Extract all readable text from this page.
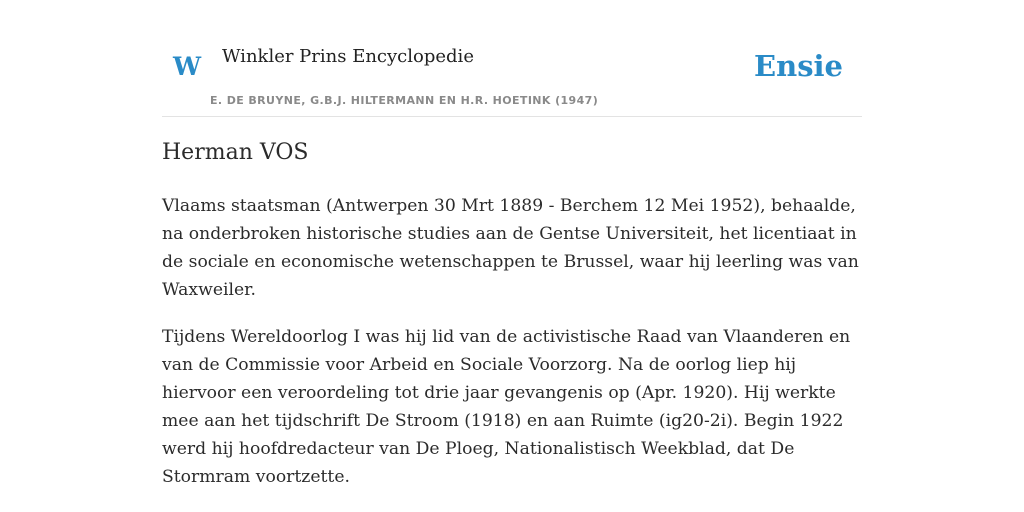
W Winkler Prins Encyclopedie
E. DE BRUYNE, G.B.J. HILTERMANN EN H.R. HOETINK (1947)
Ensie
Herman VOS

Vlaams staatsman (Antwerpen 30 Mrt 1889 - Berchem 12 Mei 1952), behaalde, na onderbroken historische studies aan de Gentse Universiteit, het licentiaat in de sociale en economische wetenschappen te Brussel, waar hij leerling was van Waxweiler.

Tijdens Wereldoorlog I was hij lid van de activistische Raad van Vlaanderen en van de Commissie voor Arbeid en Sociale Voorzorg. Na de oorlog liep hij hiervoor een veroordeling tot drie jaar gevangenis op (Apr. 1920). Hij werkte mee aan het tijdschrift De Stroom (1918) en aan Ruimte (ig20-2i). Begin 1922 werd hij hoofdredacteur van De Ploeg, Nationalistisch Weekblad, dat De Stormram voortzette.
